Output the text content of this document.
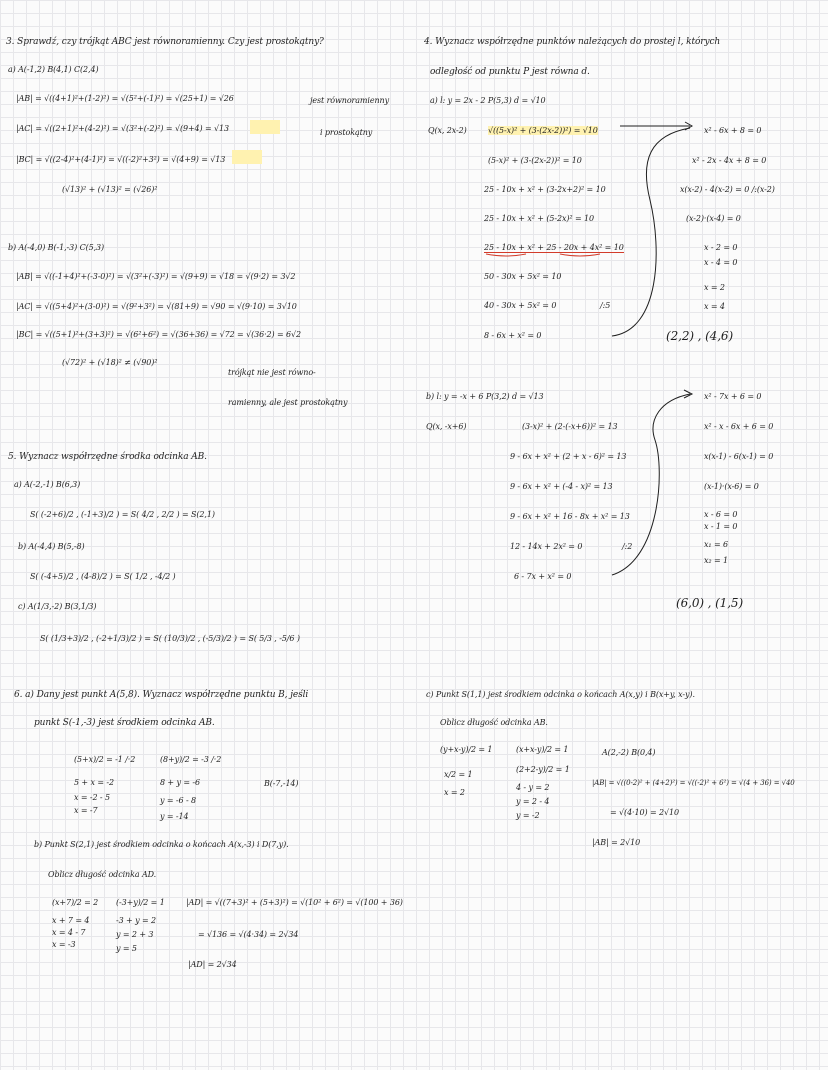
3. Sprawdź, czy trójkąt ABC jest równoramienny. Czy jest prostokątny?
a) A(-1,2) B(4,1) C(2,4)
|AB| = √((4+1)²+(1-2)²) = √(5²+(-1)²) = √(25+1) = √26
|AC| = √((2+1)²+(4-2)²) = √(3²+(-2)²) = √(9+4) = √13
|BC| = √((2-4)²+(4-1)²) = √((-2)²+3²) = √(4+9) = √13
(√13)² + (√13)² = (√26)²
jest równoramienny
i prostokątny
b) A(-4,0) B(-1,-3) C(5,3)
|AB| = √((-1+4)²+(-3-0)²) = √(3²+(-3)²) = √(9+9) = √18 = √(9·2) = 3√2
|AC| = √((5+4)²+(3-0)²) = √(9²+3²) = √(81+9) = √90 = √(9·10) = 3√10
|BC| = √((5+1)²+(3+3)²) = √(6²+6²) = √(36+36) = √72 = √(36·2) = 6√2
(√72)² + (√18)² ≠ (√90)²
trójkąt nie jest równo-
ramienny, ale jest prostokątny
5. Wyznacz współrzędne środka odcinka AB.
a) A(-2,-1) B(6,3)
S( (-2+6)/2 , (-1+3)/2 ) = S( 4/2 , 2/2 ) = S(2,1)
b) A(-4,4) B(5,-8)
S( (-4+5)/2 , (4-8)/2 ) = S( 1/2 , -4/2 )
c) A(1/3,-2) B(3,1/3)
S( (1/3+3)/2 , (-2+1/3)/2 ) = S( (10/3)/2 , (-5/3)/2 ) = S( 5/3 , -5/6 )
4. Wyznacz współrzędne punktów należących do prostej l, których
odległość od punktu P jest równa d.
a) l: y = 2x - 2 P(5,3) d = √10
Q(x, 2x-2)	√((5-x)² + (3-(2x-2))²) = √10
(5-x)² + (3-(2x-2))² = 10
25 - 10x + x² + (3-2x+2)² = 10
25 - 10x + x² + (5-2x)² = 10
25 - 10x + x² + 25 - 20x + 4x² = 10
50 - 30x + 5x² = 10
40 - 30x + 5x² = 0	/:5
8 - 6x + x² = 0
x² - 6x + 8 = 0
x² - 2x - 4x + 8 = 0
x(x-2) - 4(x-2) = 0 /:(x-2)
(x-2)·(x-4) = 0
x - 2 = 0
x - 4 = 0
x = 2
x = 4
(2,2) , (4,6)
b) l: y = -x + 6 P(3,2) d = √13
Q(x, -x+6)	(3-x)² + (2-(-x+6))² = 13
9 - 6x + x² + (2 + x - 6)² = 13
9 - 6x + x² + (-4 - x)² = 13
9 - 6x + x² + 16 - 8x + x² = 13
12 - 14x + 2x² = 0	/:2
6 - 7x + x² = 0
x² - 7x + 6 = 0
x² - x - 6x + 6 = 0
x(x-1) - 6(x-1) = 0
(x-1)·(x-6) = 0
x - 6 = 0
x - 1 = 0
x₁ = 6
x₂ = 1
(6,0) , (1,5)
6. a) Dany jest punkt A(5,8). Wyznacz współrzędne punktu B, jeśli
punkt S(-1,-3) jest środkiem odcinka AB.
(5+x)/2 = -1 /·2
5 + x = -2
x = -2 - 5
x = -7
(8+y)/2 = -3 /·2
8 + y = -6
y = -6 - 8
y = -14
B(-7,-14)
b) Punkt S(2,1) jest środkiem odcinka o końcach A(x,-3) i D(7,y).
Oblicz długość odcinka AD.
(x+7)/2 = 2
x + 7 = 4
x = 4 - 7
x = -3
(-3+y)/2 = 1
-3 + y = 2
y = 2 + 3
y = 5
|AD| = √((7+3)² + (5+3)²) = √(10² + 6²) = √(100 + 36)
= √136 = √(4·34) = 2√34
|AD| = 2√34
c) Punkt S(1,1) jest środkiem odcinka o końcach A(x,y) i B(x+y, x-y).
Oblicz długość odcinka AB.
(y+x-y)/2 = 1
x/2 = 1
x = 2
(x+x-y)/2 = 1
(2+2-y)/2 = 1
4 - y = 2
y = 2 - 4
y = -2
A(2,-2) B(0,4)
|AB| = √((0-2)² + (4+2)²) = √((-2)² + 6²) = √(4 + 36) = √40
= √(4·10) = 2√10
|AB| = 2√10
